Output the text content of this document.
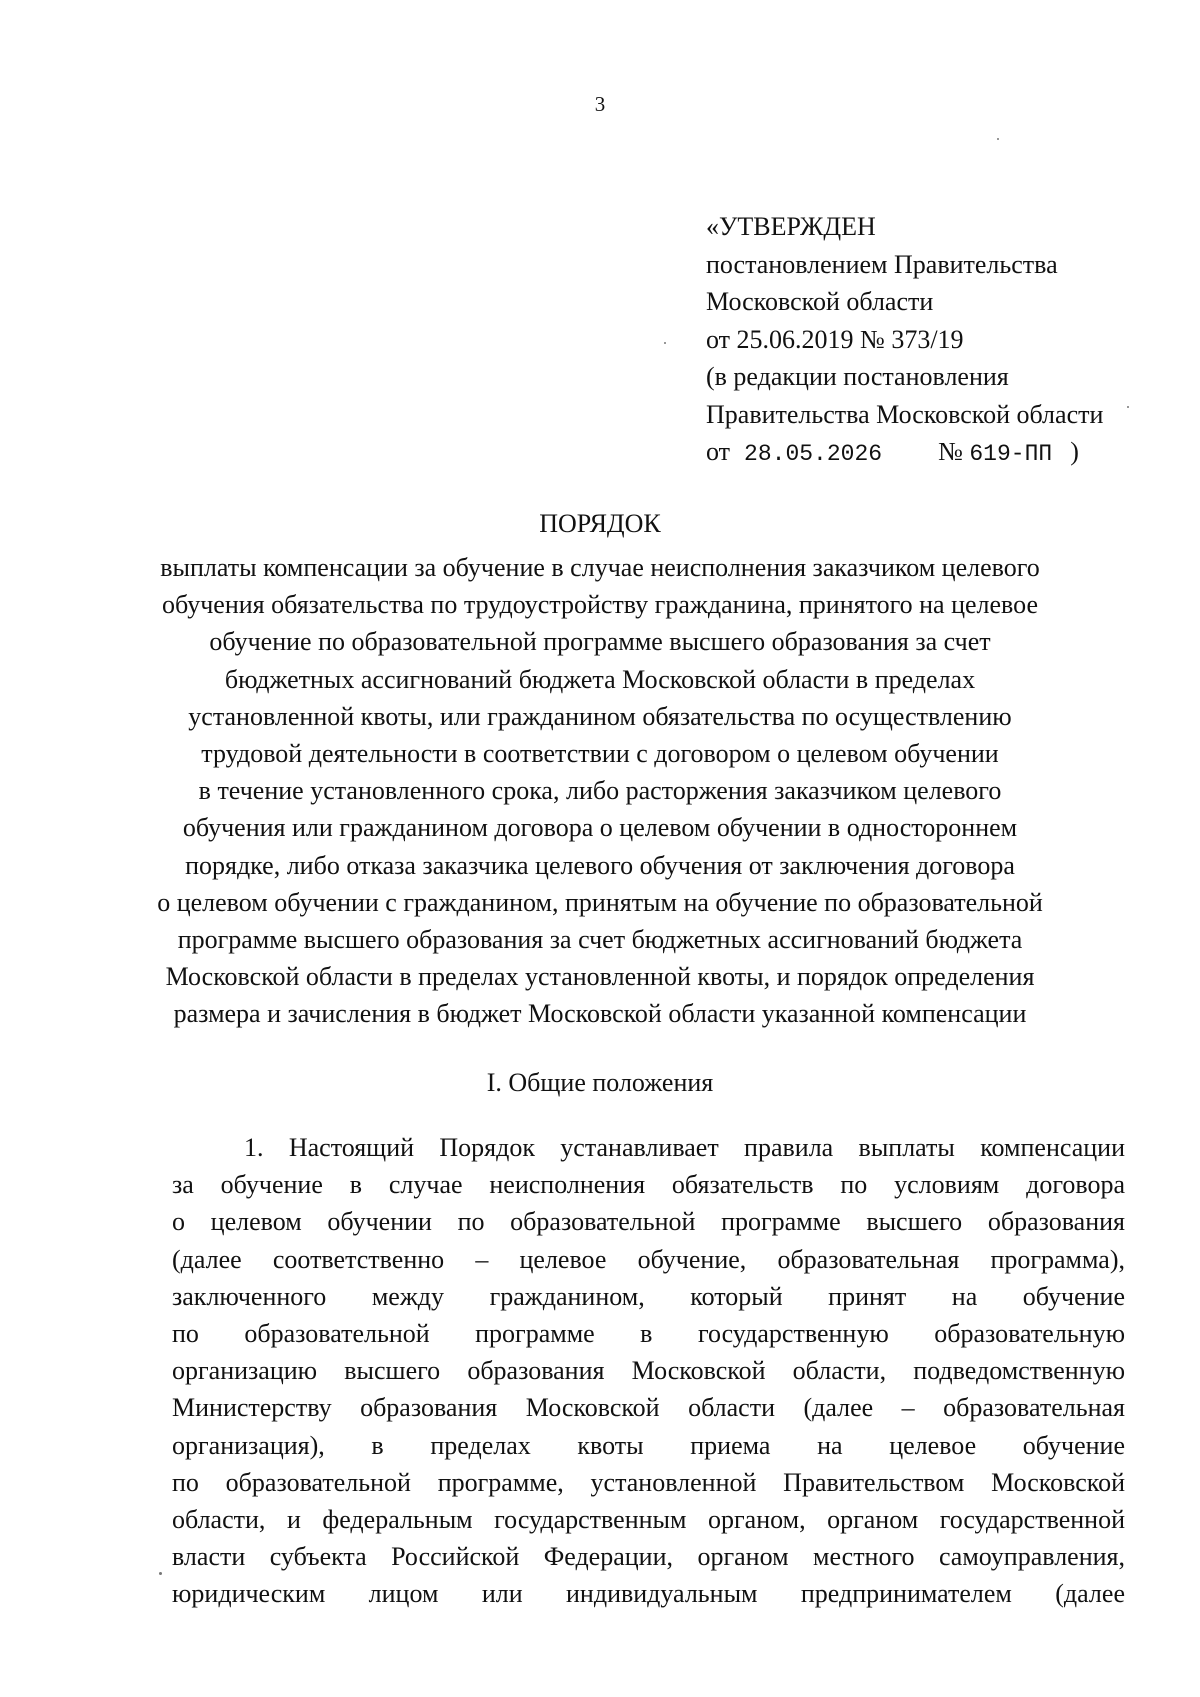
3
«УТВЕРЖДЕН
постановлением Правительства
Московской области
от 25.06.2019 № 373/19
(в редакции постановления
Правительства Московской области
от 28.05.2026 № 619-ПП )
ПОРЯДОК
выплаты компенсации за обучение в случае неисполнения заказчиком целевого
обучения обязательства по трудоустройству гражданина, принятого на целевое
обучение по образовательной программе высшего образования за счет
бюджетных ассигнований бюджета Московской области в пределах
установленной квоты, или гражданином обязательства по осуществлению
трудовой деятельности в соответствии с договором о целевом обучении
в течение установленного срока, либо расторжения заказчиком целевого
обучения или гражданином договора о целевом обучении в одностороннем
порядке, либо отказа заказчика целевого обучения от заключения договора
о целевом обучении с гражданином, принятым на обучение по образовательной
программе высшего образования за счет бюджетных ассигнований бюджета
Московской области в пределах установленной квоты, и порядок определения
размера и зачисления в бюджет Московской области указанной компенсации
I. Общие положения
1. Настоящий Порядок устанавливает правила выплаты компенсации
за обучение в случае неисполнения обязательств по условиям договора
о целевом обучении по образовательной программе высшего образования
(далее соответственно – целевое обучение, образовательная программа),
заключенного между гражданином, который принят на обучение
по образовательной программе в государственную образовательную
организацию высшего образования Московской области, подведомственную
Министерству образования Московской области (далее – образовательная
организация), в пределах квоты приема на целевое обучение
по образовательной программе, установленной Правительством Московской
области, и федеральным государственным органом, органом государственной
власти субъекта Российской Федерации, органом местного самоуправления,
юридическим лицом или индивидуальным предпринимателем (далее
